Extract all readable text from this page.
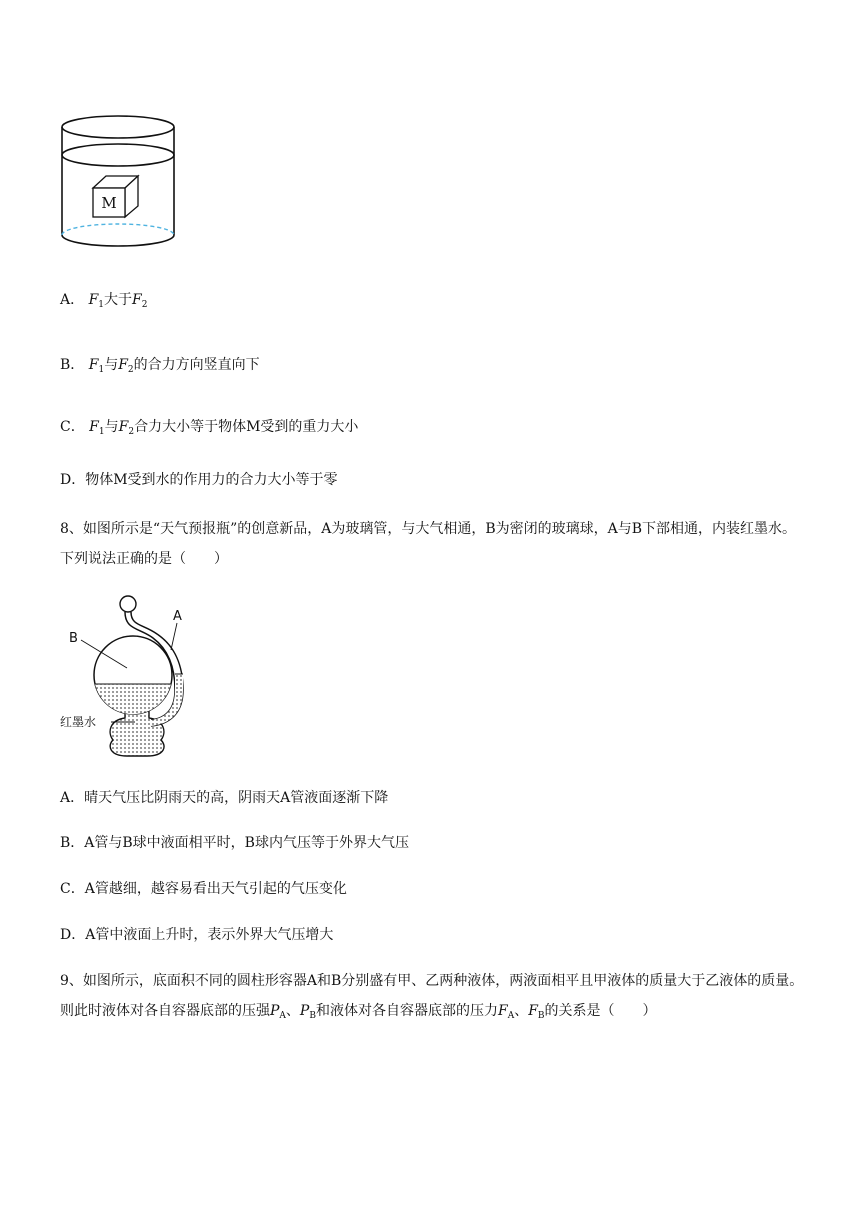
M
A． $F_1$大于$F_2$
B． $F_1$与$F_2$的合力方向竖直向下
C． $F_1$与$F_2$合力大小等于物体M受到的重力大小
D．物体M受到水的作用力的合力大小等于零
8、如图所示是“天气预报瓶”的创意新品，A为玻璃管，与大气相通，B为密闭的玻璃球，A与B下部相通，内装红墨水。下列说法正确的是（　　）
A
B
红墨水
A．晴天气压比阴雨天的高，阴雨天A管液面逐渐下降
B．A管与B球中液面相平时，B球内气压等于外界大气压
C．A管越细，越容易看出天气引起的气压变化
D．A管中液面上升时，表示外界大气压增大
9、如图所示，底面积不同的圆柱形容器A和B分别盛有甲、乙两种液体，两液面相平且甲液体的质量大于乙液体的质量。则此时液体对各自容器底部的压强$P_A$、$P_B$和液体对各自容器底部的压力$F_A$、$F_B$的关系是（　　）
